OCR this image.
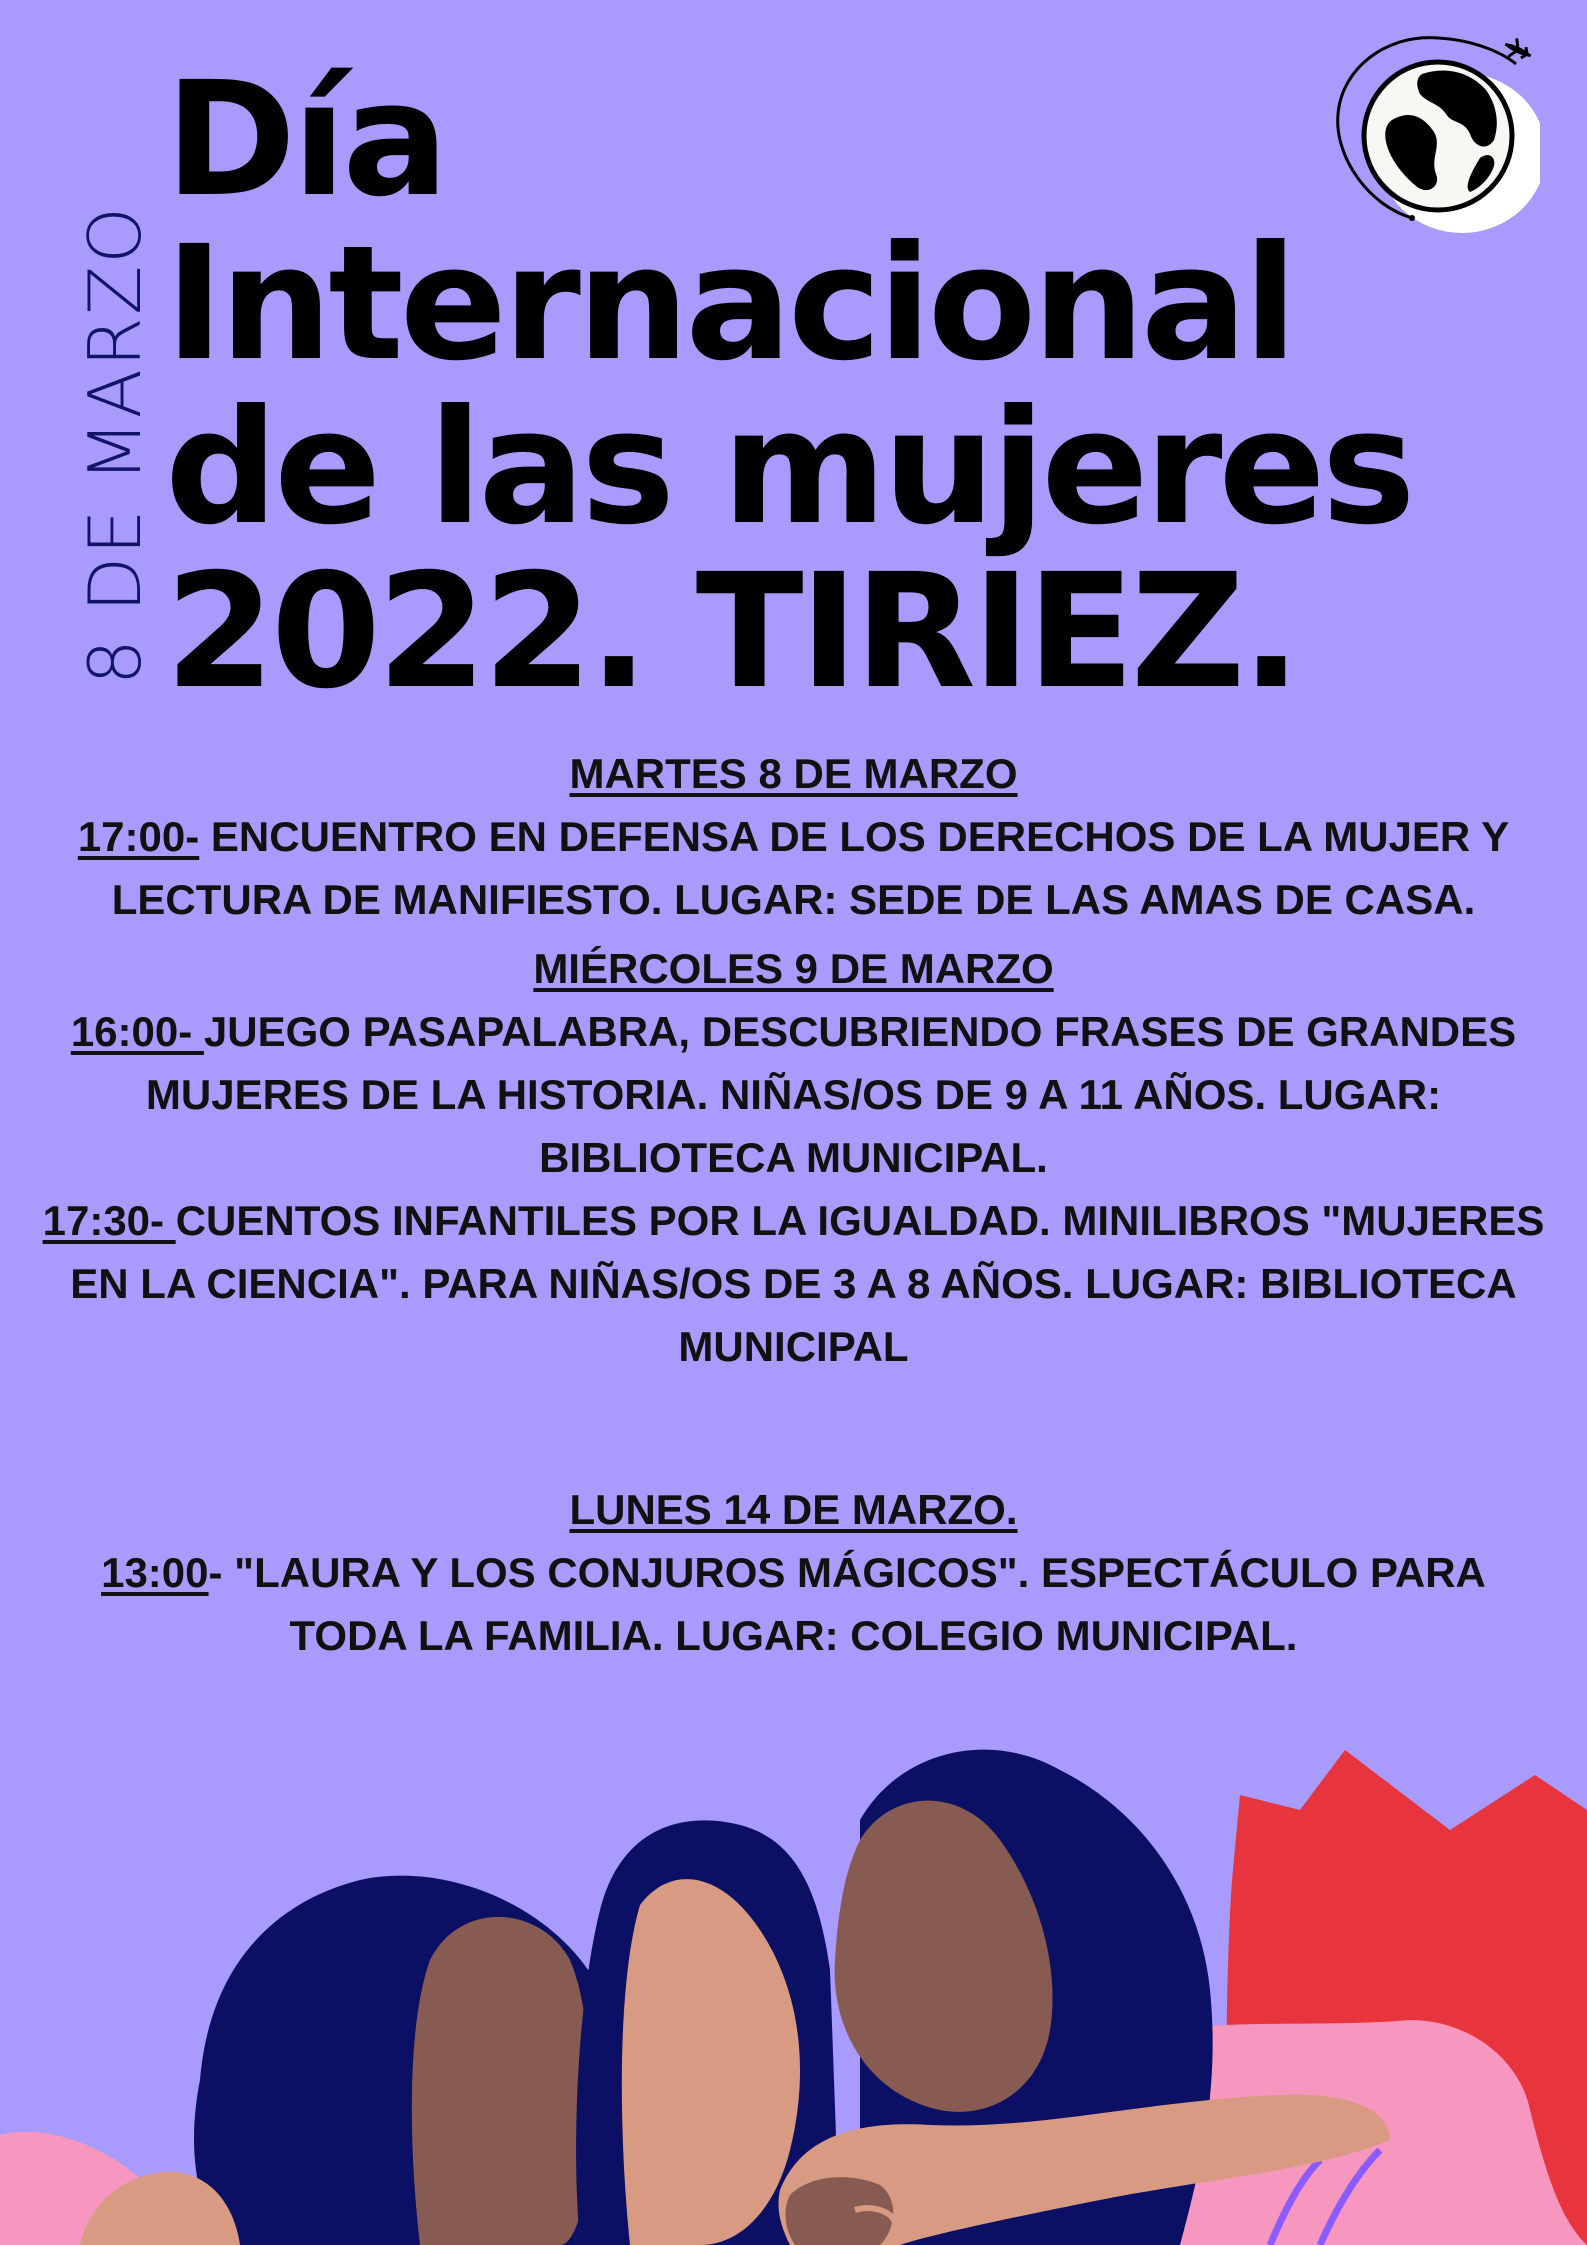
8 DE MARZO
Día
Internacional
de las mujeres
2022. TIRIEZ.
MARTES 8 DE MARZO

17:00- ENCUENTRO EN DEFENSA DE LOS DERECHOS DE LA MUJER Y LECTURA DE MANIFIESTO. LUGAR: SEDE DE LAS AMAS DE CASA.

MIÉRCOLES 9 DE MARZO

16:00- JUEGO PASAPALABRA, DESCUBRIENDO FRASES DE GRANDES MUJERES DE LA HISTORIA. NIÑAS/OS DE 9 A 11 AÑOS. LUGAR: BIBLIOTECA MUNICIPAL.

17:30- CUENTOS INFANTILES POR LA IGUALDAD. MINILIBROS "MUJERES EN LA CIENCIA". PARA NIÑAS/OS DE 3 A 8 AÑOS. LUGAR: BIBLIOTECA MUNICIPAL

LUNES 14 DE MARZO.

13:00- "LAURA Y LOS CONJUROS MÁGICOS". ESPECTÁCULO PARA TODA LA FAMILIA. LUGAR: COLEGIO MUNICIPAL.
